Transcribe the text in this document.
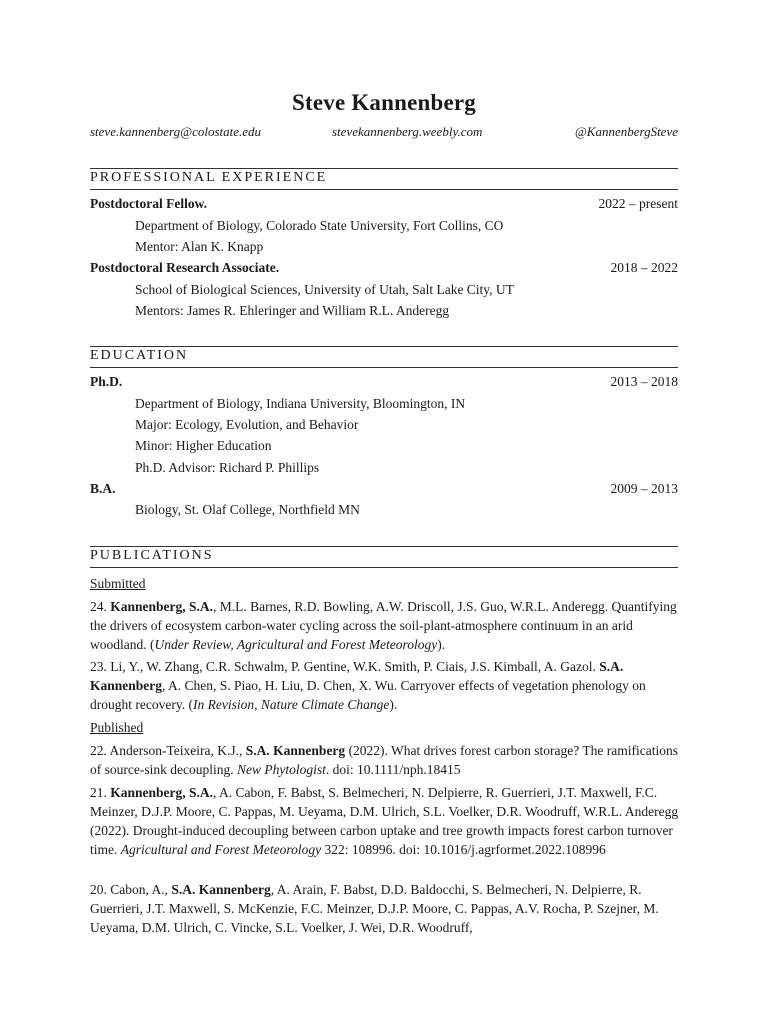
Steve Kannenberg
steve.kannenberg@colostate.edu	stevekannenberg.weebly.com	@KannenbergSteve
PROFESSIONAL EXPERIENCE
Postdoctoral Fellow.	2022 – present
Department of Biology, Colorado State University, Fort Collins, CO
Mentor: Alan K. Knapp
Postdoctoral Research Associate.	2018 – 2022
School of Biological Sciences, University of Utah, Salt Lake City, UT
Mentors: James R. Ehleringer and William R.L. Anderegg
EDUCATION
Ph.D.	2013 – 2018
Department of Biology, Indiana University, Bloomington, IN
Major: Ecology, Evolution, and Behavior
Minor: Higher Education
Ph.D. Advisor: Richard P. Phillips
B.A.	2009 – 2013
Biology, St. Olaf College, Northfield MN
PUBLICATIONS
Submitted
24. Kannenberg, S.A., M.L. Barnes, R.D. Bowling, A.W. Driscoll, J.S. Guo, W.R.L. Anderegg. Quantifying the drivers of ecosystem carbon-water cycling across the soil-plant-atmosphere continuum in an arid woodland. (Under Review, Agricultural and Forest Meteorology).
23. Li, Y., W. Zhang, C.R. Schwalm, P. Gentine, W.K. Smith, P. Ciais, J.S. Kimball, A. Gazol. S.A. Kannenberg, A. Chen, S. Piao, H. Liu, D. Chen, X. Wu. Carryover effects of vegetation phenology on drought recovery. (In Revision, Nature Climate Change).
Published
22. Anderson-Teixeira, K.J., S.A. Kannenberg (2022). What drives forest carbon storage? The ramifications of source-sink decoupling. New Phytologist. doi: 10.1111/nph.18415
21. Kannenberg, S.A., A. Cabon, F. Babst, S. Belmecheri, N. Delpierre, R. Guerrieri, J.T. Maxwell, F.C. Meinzer, D.J.P. Moore, C. Pappas, M. Ueyama, D.M. Ulrich, S.L. Voelker, D.R. Woodruff, W.R.L. Anderegg (2022). Drought-induced decoupling between carbon uptake and tree growth impacts forest carbon turnover time. Agricultural and Forest Meteorology 322: 108996. doi: 10.1016/j.agrformet.2022.108996
20. Cabon, A., S.A. Kannenberg, A. Arain, F. Babst, D.D. Baldocchi, S. Belmecheri, N. Delpierre, R. Guerrieri, J.T. Maxwell, S. McKenzie, F.C. Meinzer, D.J.P. Moore, C. Pappas, A.V. Rocha, P. Szejner, M. Ueyama, D.M. Ulrich, C. Vincke, S.L. Voelker, J. Wei, D.R. Woodruff,
